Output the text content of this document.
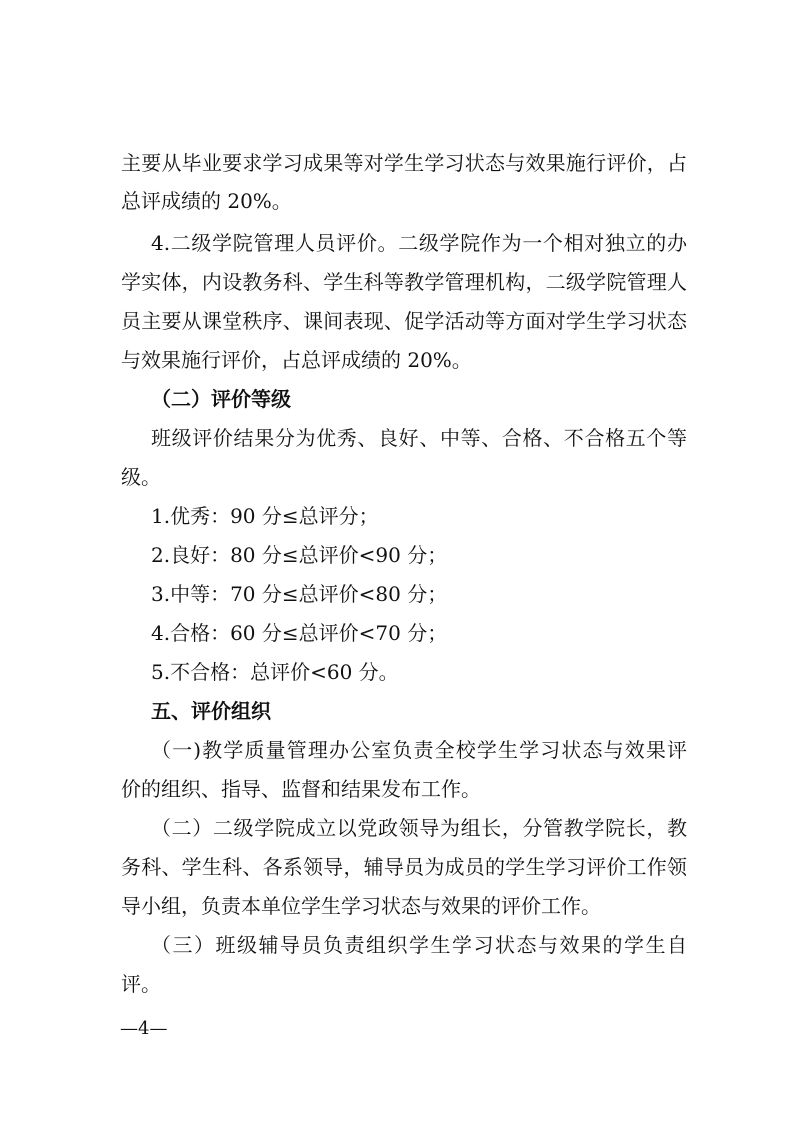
主要从毕业要求学习成果等对学生学习状态与效果施行评价，占
总评成绩的 20%。
4.二级学院管理人员评价。二级学院作为一个相对独立的办
学实体，内设教务科、学生科等教学管理机构，二级学院管理人
员主要从课堂秩序、课间表现、促学活动等方面对学生学习状态
与效果施行评价，占总评成绩的 20%。
（二）评价等级
班级评价结果分为优秀、良好、中等、合格、不合格五个等
级。
1.优秀：90 分≤总评分；
2.良好：80 分≤总评价<90 分；
3.中等：70 分≤总评价<80 分；
4.合格：60 分≤总评价<70 分；
5.不合格：总评价<60 分。
五、评价组织
（一)教学质量管理办公室负责全校学生学习状态与效果评
价的组织、指导、监督和结果发布工作。
（二）二级学院成立以党政领导为组长，分管教学院长，教
务科、学生科、各系领导，辅导员为成员的学生学习评价工作领
导小组，负责本单位学生学习状态与效果的评价工作。
（三）班级辅导员负责组织学生学习状态与效果的学生自
评。
—4—
